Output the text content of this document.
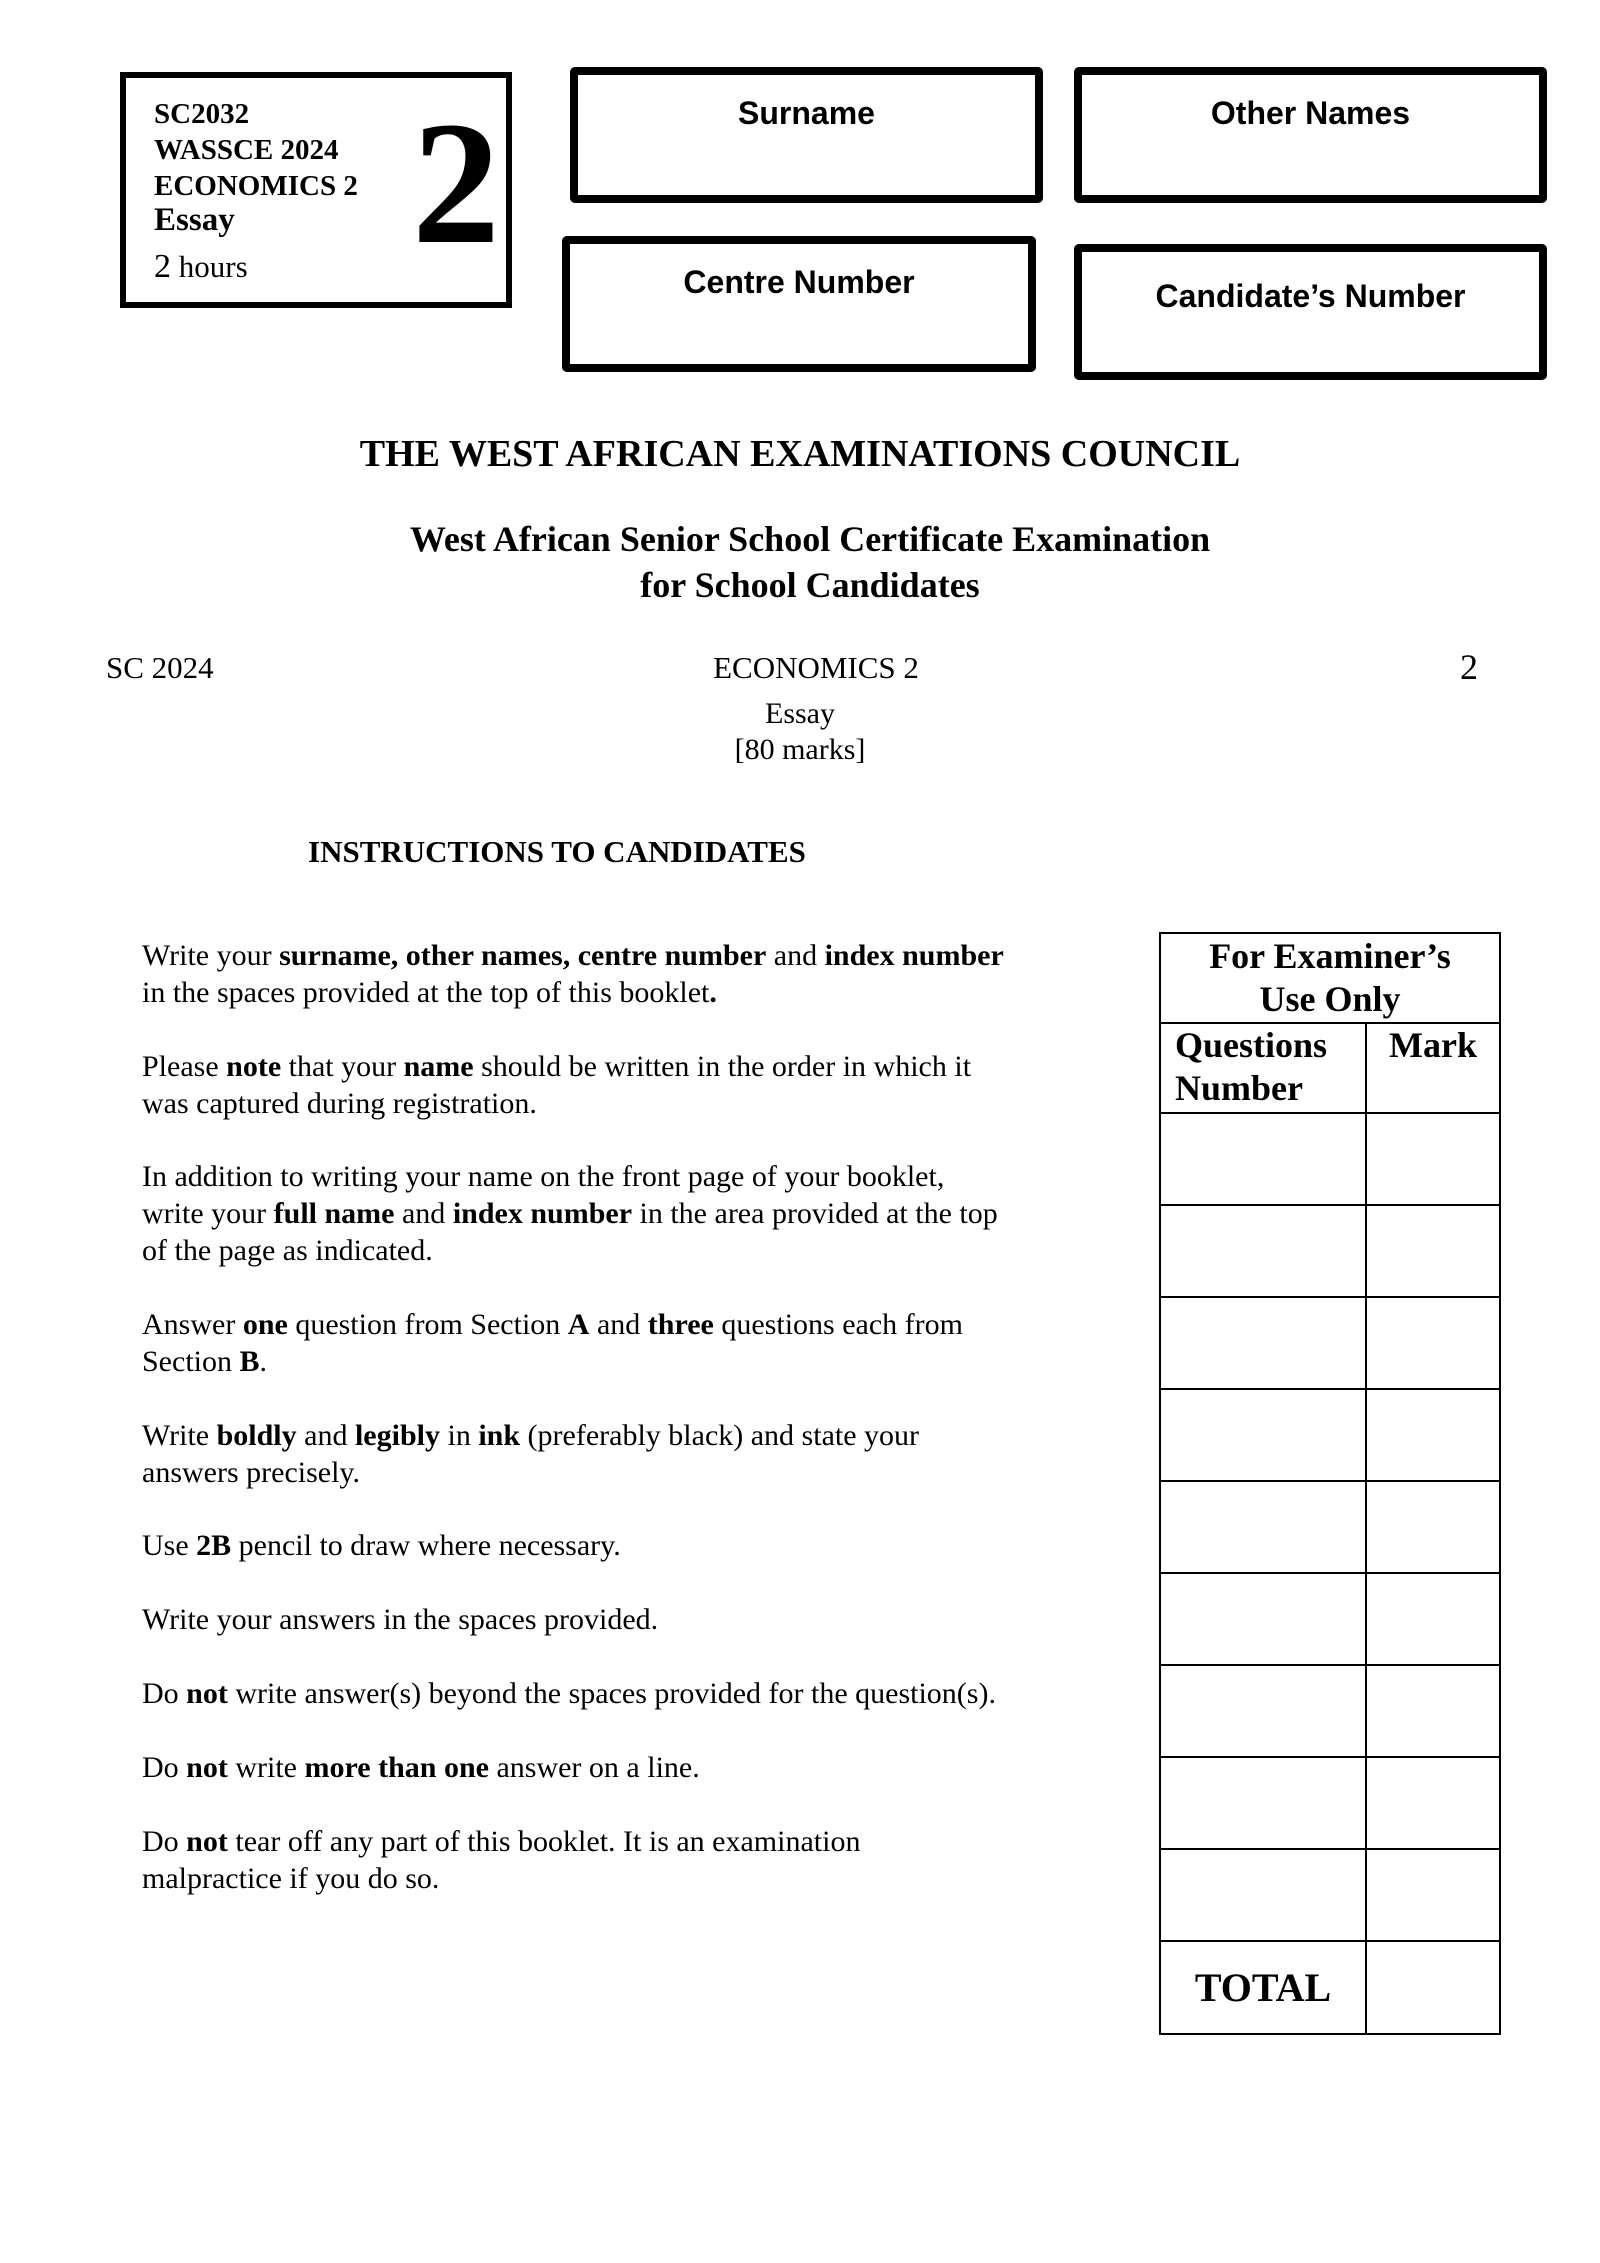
SC2032
WASSCE 2024
ECONOMICS 2
Essay
2 hours 2	Surname	Other Names
Centre Number	Candidate’s Number
THE WEST AFRICAN EXAMINATIONS COUNCIL
West African Senior School Certificate Examination
for School Candidates
SC 2024	ECONOMICS 2	2
Essay
[80 marks]
INSTRUCTIONS TO CANDIDATES

Write your surname, other names, centre number and index number
in the spaces provided at the top of this booklet.

Please note that your name should be written in the order in which it
was captured during registration.

In addition to writing your name on the front page of your booklet,
write your full name and index number in the area provided at the top
of the page as indicated.

Answer one question from Section A and three questions each from
Section B.

Write boldly and legibly in ink (preferably black) and state your
answers precisely.

Use 2B pencil to draw where necessary.

Write your answers in the spaces provided.

Do not write answer(s) beyond the spaces provided for the question(s).

Do not write more than one answer on a line.

Do not tear off any part of this booklet. It is an examination
malpractice if you do so.

For Examiner’s
Use Only	

Questions
Number	Mark

TOTAL	
